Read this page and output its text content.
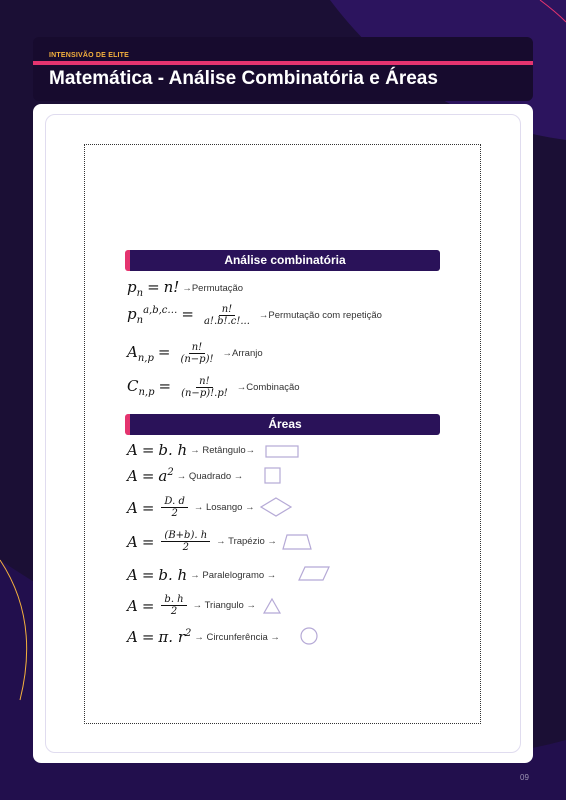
INTENSIVÃO DE ELITE
Matemática - Análise Combinatória e Áreas
Análise combinatória
$p_n = n$! →Permutação
$p_n^{a,b,c\dots} = \frac{n!}{a!.b!.c!...}$ →Permutação com repetição
$A_{n,p} = \frac{n!}{(n-p)!}$ →Arranjo
$C_{n,p} = \frac{n!}{(n-p)!.p!}$ →Combinação
Áreas
A = b. h → Retângulo→
$A = a^2$ → Quadrado →
$A = \frac{D. d}{2}$ → Losango →
$A = \frac{(B+b). h}{2}$ → Trapézio →
A = b. h → Paralelogramo →
$A = \frac{b. h}{2}$ → Triangulo →
A = π. $r^2$ → Circunferência →
09
